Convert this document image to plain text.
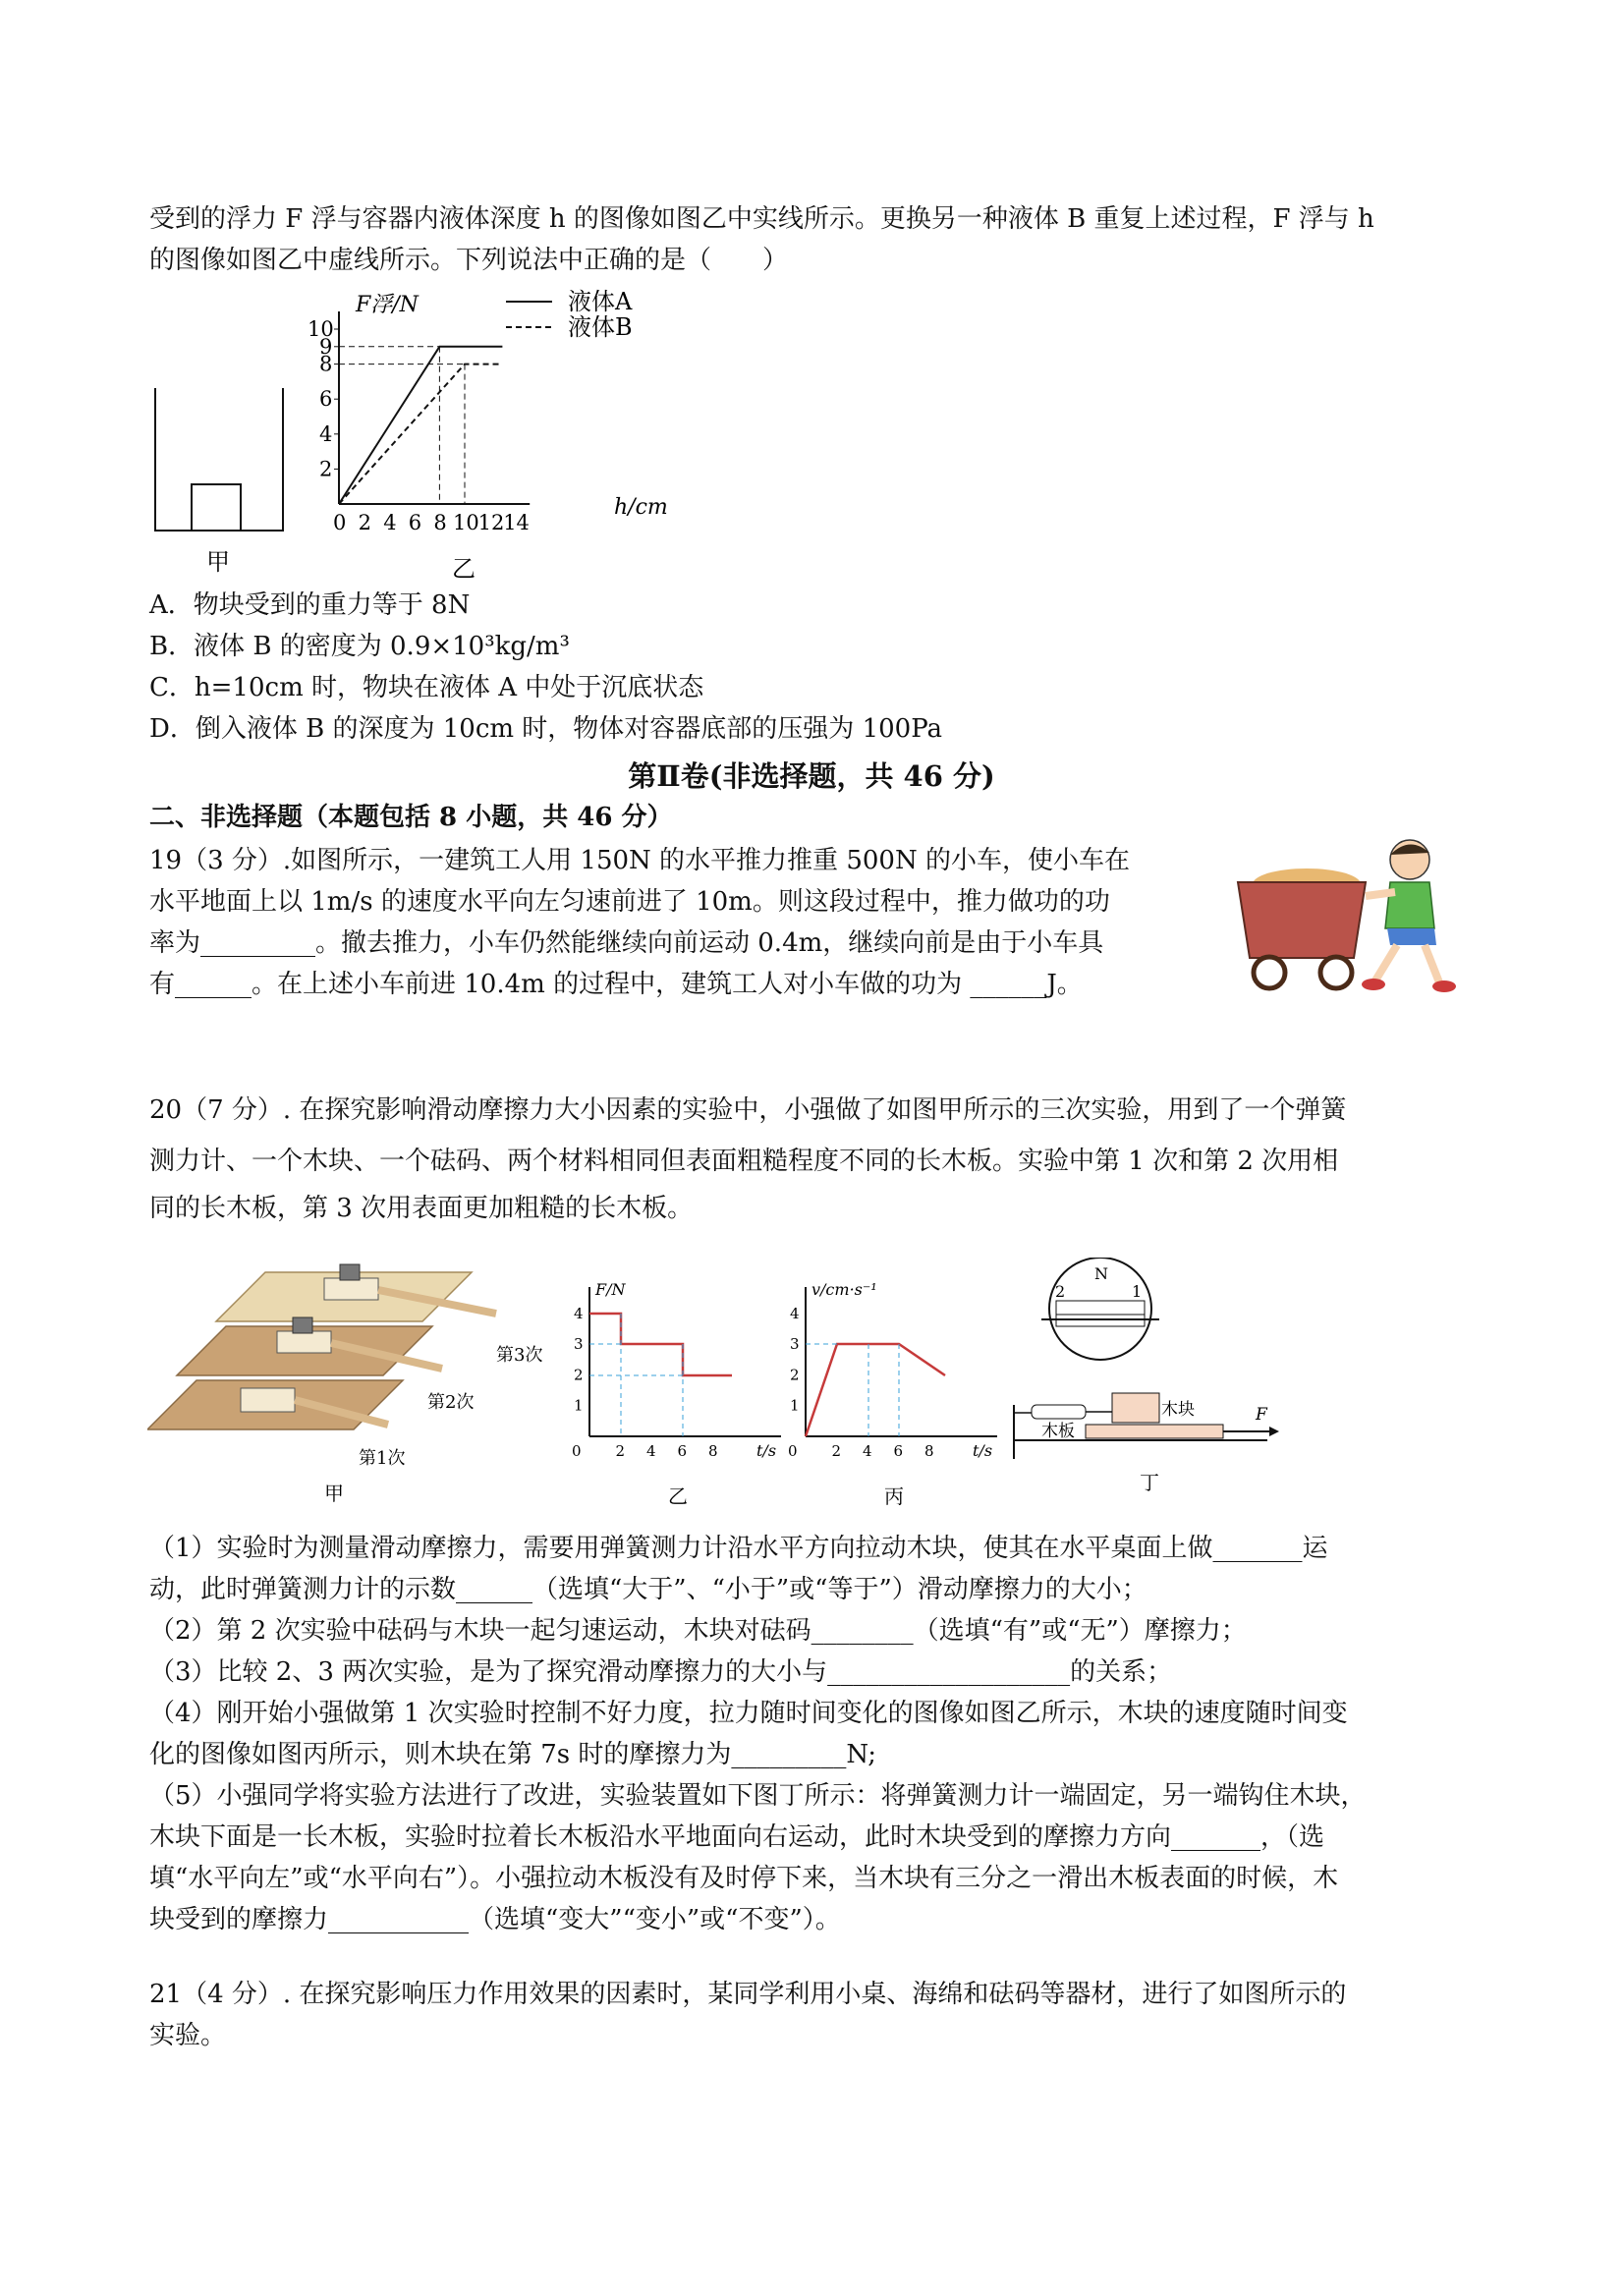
受到的浮力 F 浮与容器内液体深度 h 的图像如图乙中实线所示。更换另一种液体 B 重复上述过程，F 浮与 h
的图像如图乙中虚线所示。下列说法中正确的是（　　）
甲
0 2 4 6 8 10
12
14
2
4
6
8
9
10
液体A
液体B
F浮/N
h/cm
乙
A．物块受到的重力等于 8N
B．液体 B 的密度为 0.9×10³kg/m³
C．h=10cm 时，物块在液体 A 中处于沉底状态
D．倒入液体 B 的深度为 10cm 时，物体对容器底部的压强为 100Pa
第Ⅱ卷(非选择题，共 46 分)
二、非选择题（本题包括 8 小题，共 46 分）
19（3 分）.如图所示，一建筑工人用 150N 的水平推力推重 500N 的小车，使小车在
水平地面上以 1m/s 的速度水平向左匀速前进了 10m。则这段过程中，推力做功的功
率为_________。撤去推力，小车仍然能继续向前运动 0.4m，继续向前是由于小车具
有______。在上述小车前进 10.4m 的过程中，建筑工人对小车做的功为 ______J。
20（7 分）. 在探究影响滑动摩擦力大小因素的实验中，小强做了如图甲所示的三次实验，用到了一个弹簧
测力计、一个木块、一个砝码、两个材料相同但表面粗糙程度不同的长木板。实验中第 1 次和第 2 次用相
同的长木板，第 3 次用表面更加粗糙的长木板。
第3次
第2次
第1次
甲
F/N
t/s
0 2 4 6 8
1
2
3
4
乙
v/cm·s⁻¹
t/s
0 2 4 6 8
1
2
3
4
丙
N
2	1
木块
木板
F
丁
（1）实验时为测量滑动摩擦力，需要用弹簧测力计沿水平方向拉动木块，使其在水平桌面上做_______运
动，此时弹簧测力计的示数______（选填“大于”、“小于”或“等于”）滑动摩擦力的大小；
（2）第 2 次实验中砝码与木块一起匀速运动，木块对砝码________（选填“有”或“无”）摩擦力；
（3）比较 2、3 两次实验，是为了探究滑动摩擦力的大小与___________________的关系；
（4）刚开始小强做第 1 次实验时控制不好力度，拉力随时间变化的图像如图乙所示，木块的速度随时间变
化的图像如图丙所示，则木块在第 7s 时的摩擦力为_________N;
（5）小强同学将实验方法进行了改进，实验装置如下图丁所示：将弹簧测力计一端固定，另一端钩住木块，
木块下面是一长木板，实验时拉着长木板沿水平地面向右运动，此时木块受到的摩擦力方向_______，（选
填“水平向左”或“水平向右”）。小强拉动木板没有及时停下来，当木块有三分之一滑出木板表面的时候，木
块受到的摩擦力___________（选填“变大”“变小”或“不变”）。
21（4 分）. 在探究影响压力作用效果的因素时，某同学利用小桌、海绵和砝码等器材，进行了如图所示的
实验。
